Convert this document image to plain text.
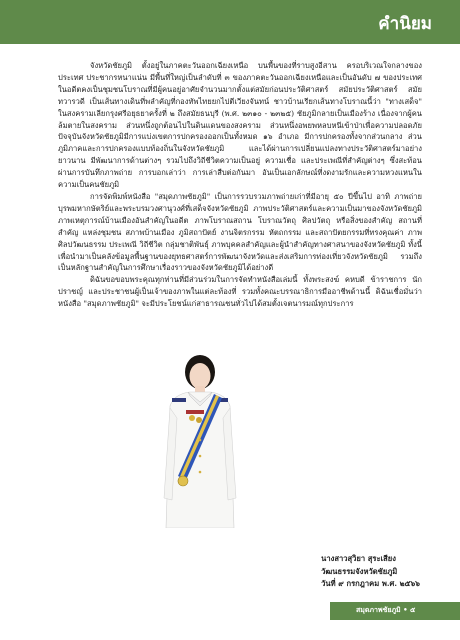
คำนิยม

จังหวัดชัยภูมิ ตั้งอยู่ในภาคตะวันออกเฉียงเหนือ บนพื้นของที่ราบสูงอีสาน ครอบริเวณใจกลางของประเทศ ประชากรหนาแน่น มีพื้นที่ใหญ่เป็นลำดับที่ ๓ ของภาคตะวันออกเฉียงเหนือและเป็นอันดับ ๗ ของประเทศ ในอดีตคงเป็นชุมชนโบราณที่มีผู้คนอยู่อาศัยจำนวนมากตั้งแต่สมัยก่อนประวัติศาสตร์ สมัยประวัติศาสตร์ สมัยทวารวดี เป็นเส้นทางเดินที่พลำคัญที่กองทัพไทยยกไปตีเวียงจันทน์ ชาวบ้านเรียกเส้นทางโบราณนี้ว่า "ทางเสด็จ" ในสงครามเลียกรุงศรีอยุธยาครั้งที่ ๒ ถึงสมัยธนบุรี (พ.ศ. ๒๓๑๐ - ๒๓๒๕) ชัยภูมิกลายเป็นเมืองร้าง เนื่องจากผู้คนล้มตายในสงคราม ส่วนหนึ่งถูกต้อนไปในดินแดนของสงคราม ส่วนหนึ่งอพยพหลบหนีเข้าป่าเพื่อความปลอดภัย ปัจจุบันจังหวัดชัยภูมิมีการแบ่งเขตการปกครองออกเป็นทั้งหมด ๑๖ อำเภอ มีการปกครองทั้งจากส่วนกลาง ส่วนภูมิภาคและการปกครองแบบท้องถิ่นในจังหวัดชัยภูมิ และได้ผ่านการเปลี่ยนแปลงทางประวัติศาสตร์มาอย่างยาวนาน มีพัฒนาการด้านต่างๆ รวมไปถึงวิถีชีวิตความเป็นอยู่ ความเชื่อ และประเพณีที่สำคัญต่างๆ ซึ่งสะท้อนผ่านการบันทึกภาพถ่าย การบอกเล่าว่า การเล่าสืบต่อกันมา อันเป็นเอกลักษณ์ที่งดงามรักและความหวงแหนในความเป็นคนชัยภูมิ

การจัดพิมพ์หนังสือ "สมุดภาพชัยภูมิ" เป็นการรวบรวมภาพถ่ายเก่าที่มีอายุ ๕๐ ปีขึ้นไป อาทิ ภาพถ่ายบุรพมหากษัตริย์และพระบรมวงศานุวงศ์ที่เสด็จจังหวัดชัยภูมิ ภาพประวัติศาสตร์และความเป็นมาของจังหวัดชัยภูมิ ภาพเหตุการณ์บ้านเมืองอันสำคัญในอดีต ภาพโบราณสถาน โบราณวัตถุ ศิลปวัตถุ หรือสิ่งของสำคัญ สถานที่สำคัญ แหล่งชุมชน สภาพบ้านเมือง ภูมิสถาปัตย์ งานจิตรกรรม หัตถกรรม และสถาปัตยกรรมที่ทรงคุณค่า ภาพศิลปวัฒนธรรม ประเพณี วิถีชีวิต กลุ่มชาติพันธุ์ ภาพบุคคลสำคัญและผู้นำสำคัญทางศาสนาของจังหวัดชัยภูมิ ทั้งนี้ เพื่อนำมาเป็นคลังข้อมูลพื้นฐานของยุทธศาสตร์การพัฒนาจังหวัดและส่งเสริมการท่องเที่ยวจังหวัดชัยภูมิ รวมถึงเป็นหลักฐานสำคัญในการศึกษาเรื่องราวของจังหวัดชัยภูมิได้อย่างดี

ดิฉันขอขอบพระคุณทุกท่านที่มีส่วนร่วมในการจัดทำหนังสือเล่มนี้ ทั้งพระสงฆ์ คหบดี ข้าราชการ นักปราชญ์ และประชาชนผู้เป็นเจ้าของภาพในแต่ละท้องที่ รวมทั้งคณะบรรณาธิการมืออาชีพด้านนี้ ดิฉันเชื่อมั่นว่าหนังสือ "สมุดภาพชัยภูมิ" จะมีประโยชน์แก่สาธารณชนทั่วไปได้สมตั้งเจตนารมณ์ทุกประการ

นางสาวสุวิยา สุระเสียง
วัฒนธรรมจังหวัดชัยภูมิ
วันที่ ๙ กรกฎาคม พ.ศ. ๒๕๖๖
สมุดภาพชัยภูมิ • ๕
